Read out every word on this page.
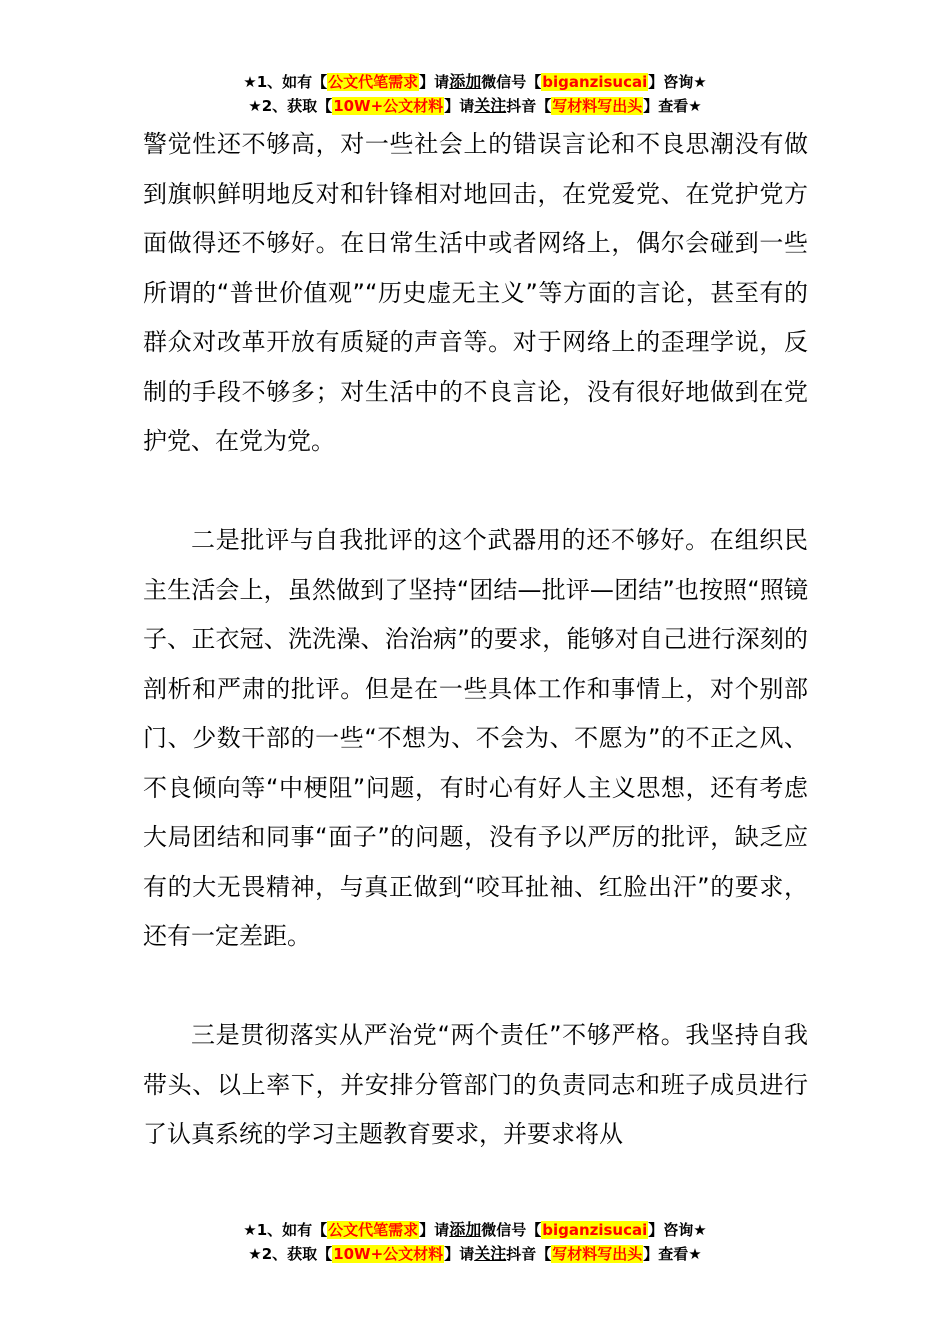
★1、如有【公文代笔需求】请添加微信号【biganzisucai】咨询★
★2、获取【10W+公文材料】请关注抖音【写材料写出头】查看★

警觉性还不够高，对一些社会上的错误言论和不良思潮没有做到旗帜鲜明地反对和针锋相对地回击，在党爱党、在党护党方面做得还不够好。在日常生活中或者网络上，偶尔会碰到一些所谓的“普世价值观”“历史虚无主义”等方面的言论，甚至有的群众对改革开放有质疑的声音等。对于网络上的歪理学说，反制的手段不够多；对生活中的不良言论，没有很好地做到在党护党、在党为党。

二是批评与自我批评的这个武器用的还不够好。在组织民主生活会上，虽然做到了坚持“团结—批评—团结”也按照“照镜子、正衣冠、洗洗澡、治治病”的要求，能够对自己进行深刻的剖析和严肃的批评。但是在一些具体工作和事情上，对个别部门、少数干部的一些“不想为、不会为、不愿为”的不正之风、不良倾向等“中梗阻”问题，有时心有好人主义思想，还有考虑大局团结和同事“面子”的问题，没有予以严厉的批评，缺乏应有的大无畏精神，与真正做到“咬耳扯袖、红脸出汗”的要求，还有一定差距。

三是贯彻落实从严治党“两个责任”不够严格。我坚持自我带头、以上率下，并安排分管部门的负责同志和班子成员进行了认真系统的学习主题教育要求，并要求将从

★1、如有【公文代笔需求】请添加微信号【biganzisucai】咨询★
★2、获取【10W+公文材料】请关注抖音【写材料写出头】查看★
